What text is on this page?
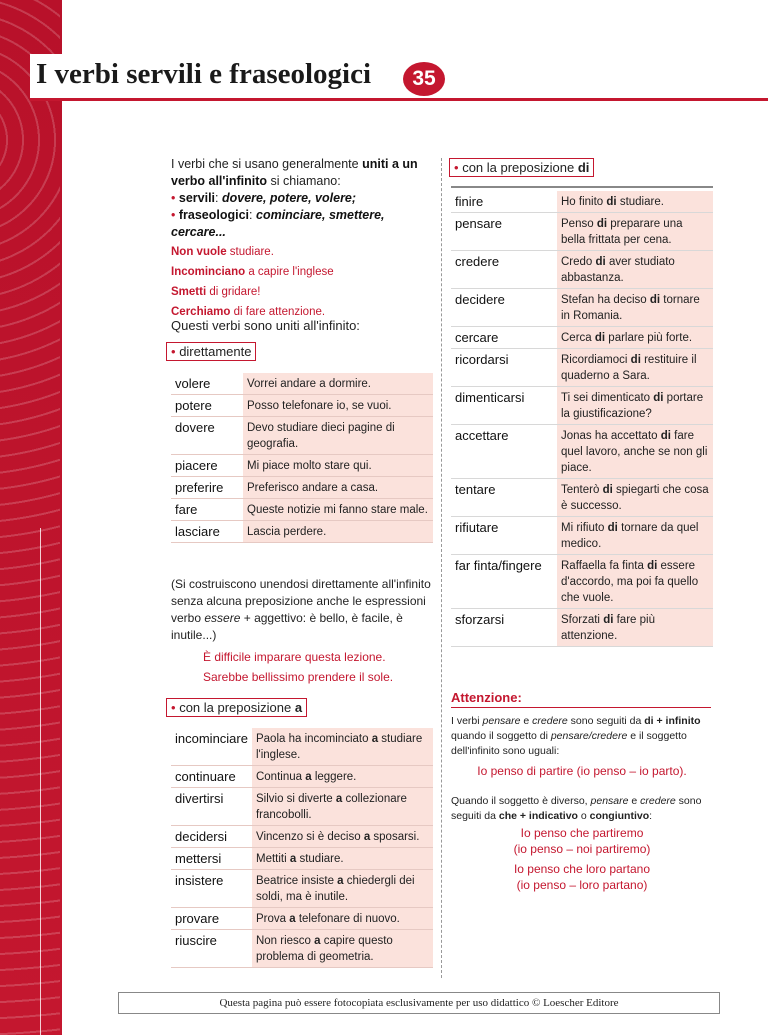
I verbi servili e fraseologici	35
I verbi che si usano generalmente uniti a un verbo all'infinito si chiamano:
• servili: dovere, potere, volere;
• fraseologici: cominciare, smettere, cercare...
Non vuole studiare.
Incominciano a capire l'inglese
Smetti di gridare!
Cerchiamo di fare attenzione.
Questi verbi sono uniti all'infinito:
• direttamente
volere	Vorrei andare a dormire.
potere	Posso telefonare io, se vuoi.
dovere	Devo studiare dieci pagine di geografia.
piacere	Mi piace molto stare qui.
preferire	Preferisco andare a casa.
fare	Queste notizie mi fanno stare male.
lasciare	Lascia perdere.
(Si costruiscono unendosi direttamente all'infinito senza alcuna preposizione anche le espressioni verbo essere + aggettivo: è bello, è facile, è inutile...)
È difficile imparare questa lezione.
Sarebbe bellissimo prendere il sole.
• con la preposizione a
incominciare	Paola ha incominciato a studiare l'inglese.
continuare	Continua a leggere.
divertirsi	Silvio si diverte a collezionare francobolli.
decidersi	Vincenzo si è deciso a sposarsi.
mettersi	Mettiti a studiare.
insistere	Beatrice insiste a chiedergli dei soldi, ma è inutile.
provare	Prova a telefonare di nuovo.
riuscire	Non riesco a capire questo problema di geometria.
• con la preposizione di
finire	Ho finito di studiare.
pensare	Penso di preparare una bella frittata per cena.
credere	Credo di aver studiato abbastanza.
decidere	Stefan ha deciso di tornare in Romania.
cercare	Cerca di parlare più forte.
ricordarsi	Ricordiamoci di restituire il quaderno a Sara.
dimenticarsi	Ti sei dimenticato di portare la giustificazione?
accettare	Jonas ha accettato di fare quel lavoro, anche se non gli piace.
tentare	Tenterò di spiegarti che cosa è successo.
rifiutare	Mi rifiuto di tornare da quel medico.
far finta/fingere	Raffaella fa finta di essere d'accordo, ma poi fa quello che vuole.
sforzarsi	Sforzati di fare più attenzione.
Attenzione:
I verbi pensare e credere sono seguiti da di + infinito quando il soggetto di pensare/credere e il soggetto dell'infinito sono uguali:
Io penso di partire (io penso – io parto).
Quando il soggetto è diverso, pensare e credere sono seguiti da che + indicativo o congiuntivo:
Io penso che partiremo
(io penso – noi partiremo)
Io penso che loro partano
(io penso – loro partano)
Questa pagina può essere fotocopiata esclusivamente per uso didattico © Loescher Editore
